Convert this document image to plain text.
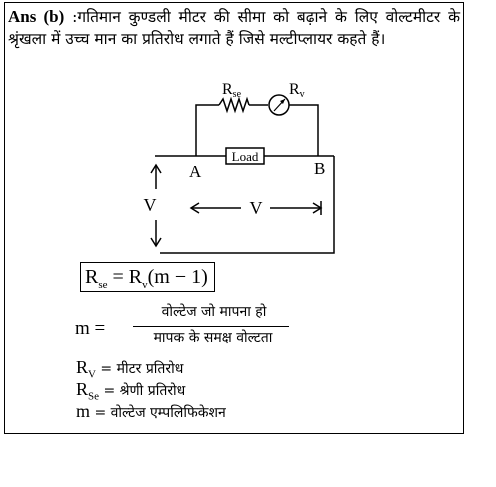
Ans (b) :गतिमान कुण्डली मीटर की सीमा को बढ़ाने के लिए वोल्टमीटर के श्रृंखला में उच्च मान का प्रतिरोध लगाते हैं जिसे मल्टीप्लायर कहते हैं।
Rse	Rv
Load
A	B
V	V
$R_{se} = R_v(m - 1)$
m =
वोल्टेज जो मापना हो
मापक के समक्ष वोल्टता
$R_V$ = मीटर प्रतिरोध
$R_{Se}$ = श्रेणी प्रतिरोध
m = वोल्टेज एम्पलिफिकेशन
